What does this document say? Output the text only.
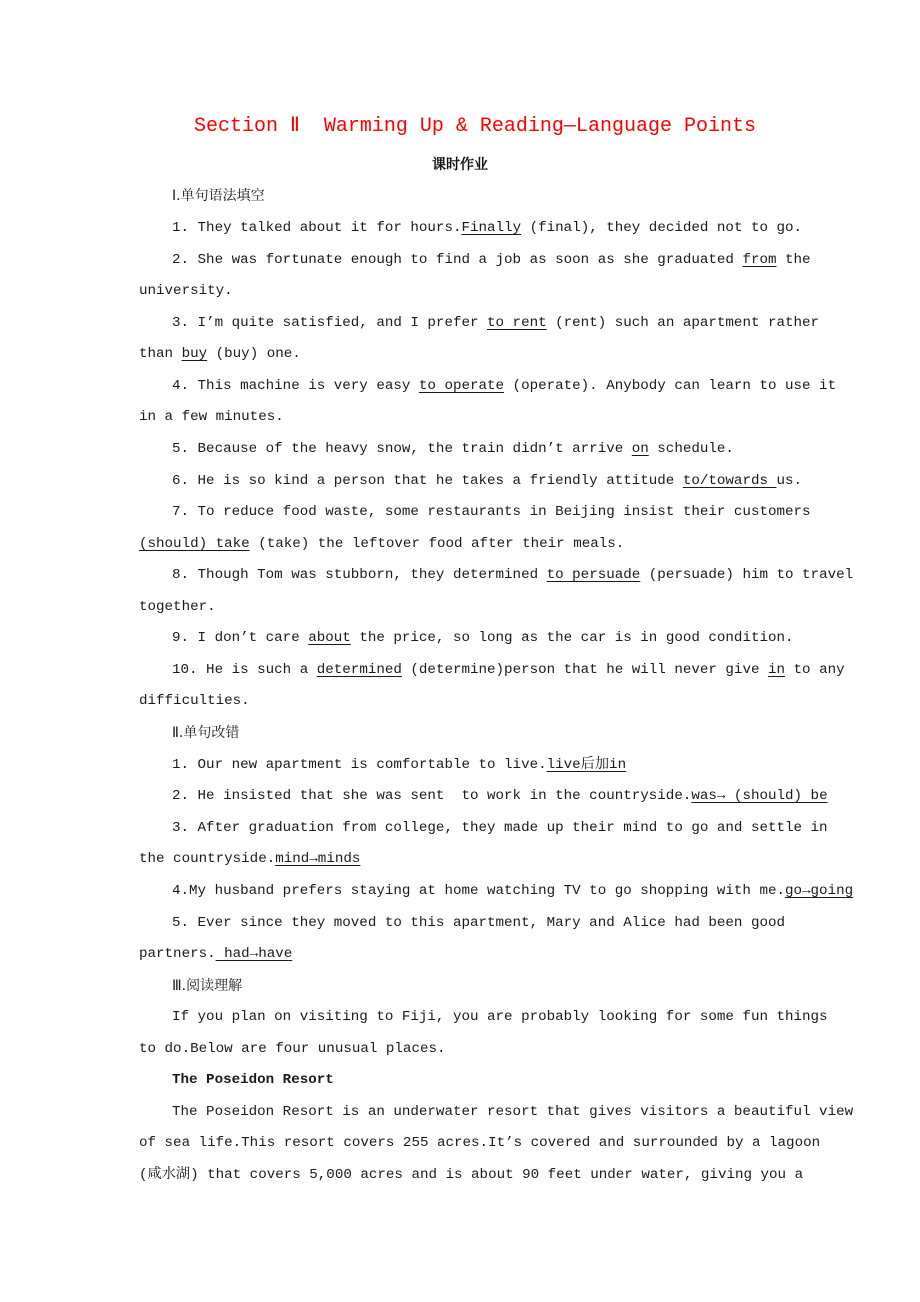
Section Ⅱ  Warming Up & Reading—Language Points
课时作业
Ⅰ.单句语法填空
1. They talked about it for hours.Finally (final), they decided not to go.
2. She was fortunate enough to find a job as soon as she graduated from the
university.
3. I’m quite satisfied, and I prefer to rent (rent) such an apartment rather
than buy (buy) one.
4. This machine is very easy to operate (operate). Anybody can learn to use it
in a few minutes.
5. Because of the heavy snow, the train didn’t arrive on schedule.
6. He is so kind a person that he takes a friendly attitude to/towards us.
7. To reduce food waste, some restaurants in Beijing insist their customers
(should) take (take) the leftover food after their meals.
8. Though Tom was stubborn, they determined to persuade (persuade) him to travel
together.
9. I don’t care about the price, so long as the car is in good condition.
10. He is such a determined (determine)person that he will never give in to any
difficulties.
Ⅱ.单句改错
1. Our new apartment is comfortable to live.live后加in
2. He insisted that she was sent  to work in the countryside.was→ (should) be
3. After graduation from college, they made up their mind to go and settle in
the countryside.mind→minds
4.My husband prefers staying at home watching TV to go shopping with me.go→going
5. Ever since they moved to this apartment, Mary and Alice had been good
partners. had→have
Ⅲ.阅读理解
If you plan on visiting to Fiji, you are probably looking for some fun things
to do.Below are four unusual places.
The Poseidon Resort
The Poseidon Resort is an underwater resort that gives visitors a beautiful view
of sea life.This resort covers 255 acres.It’s covered and surrounded by a lagoon
(咸水湖) that covers 5,000 acres and is about 90 feet under water, giving you a
